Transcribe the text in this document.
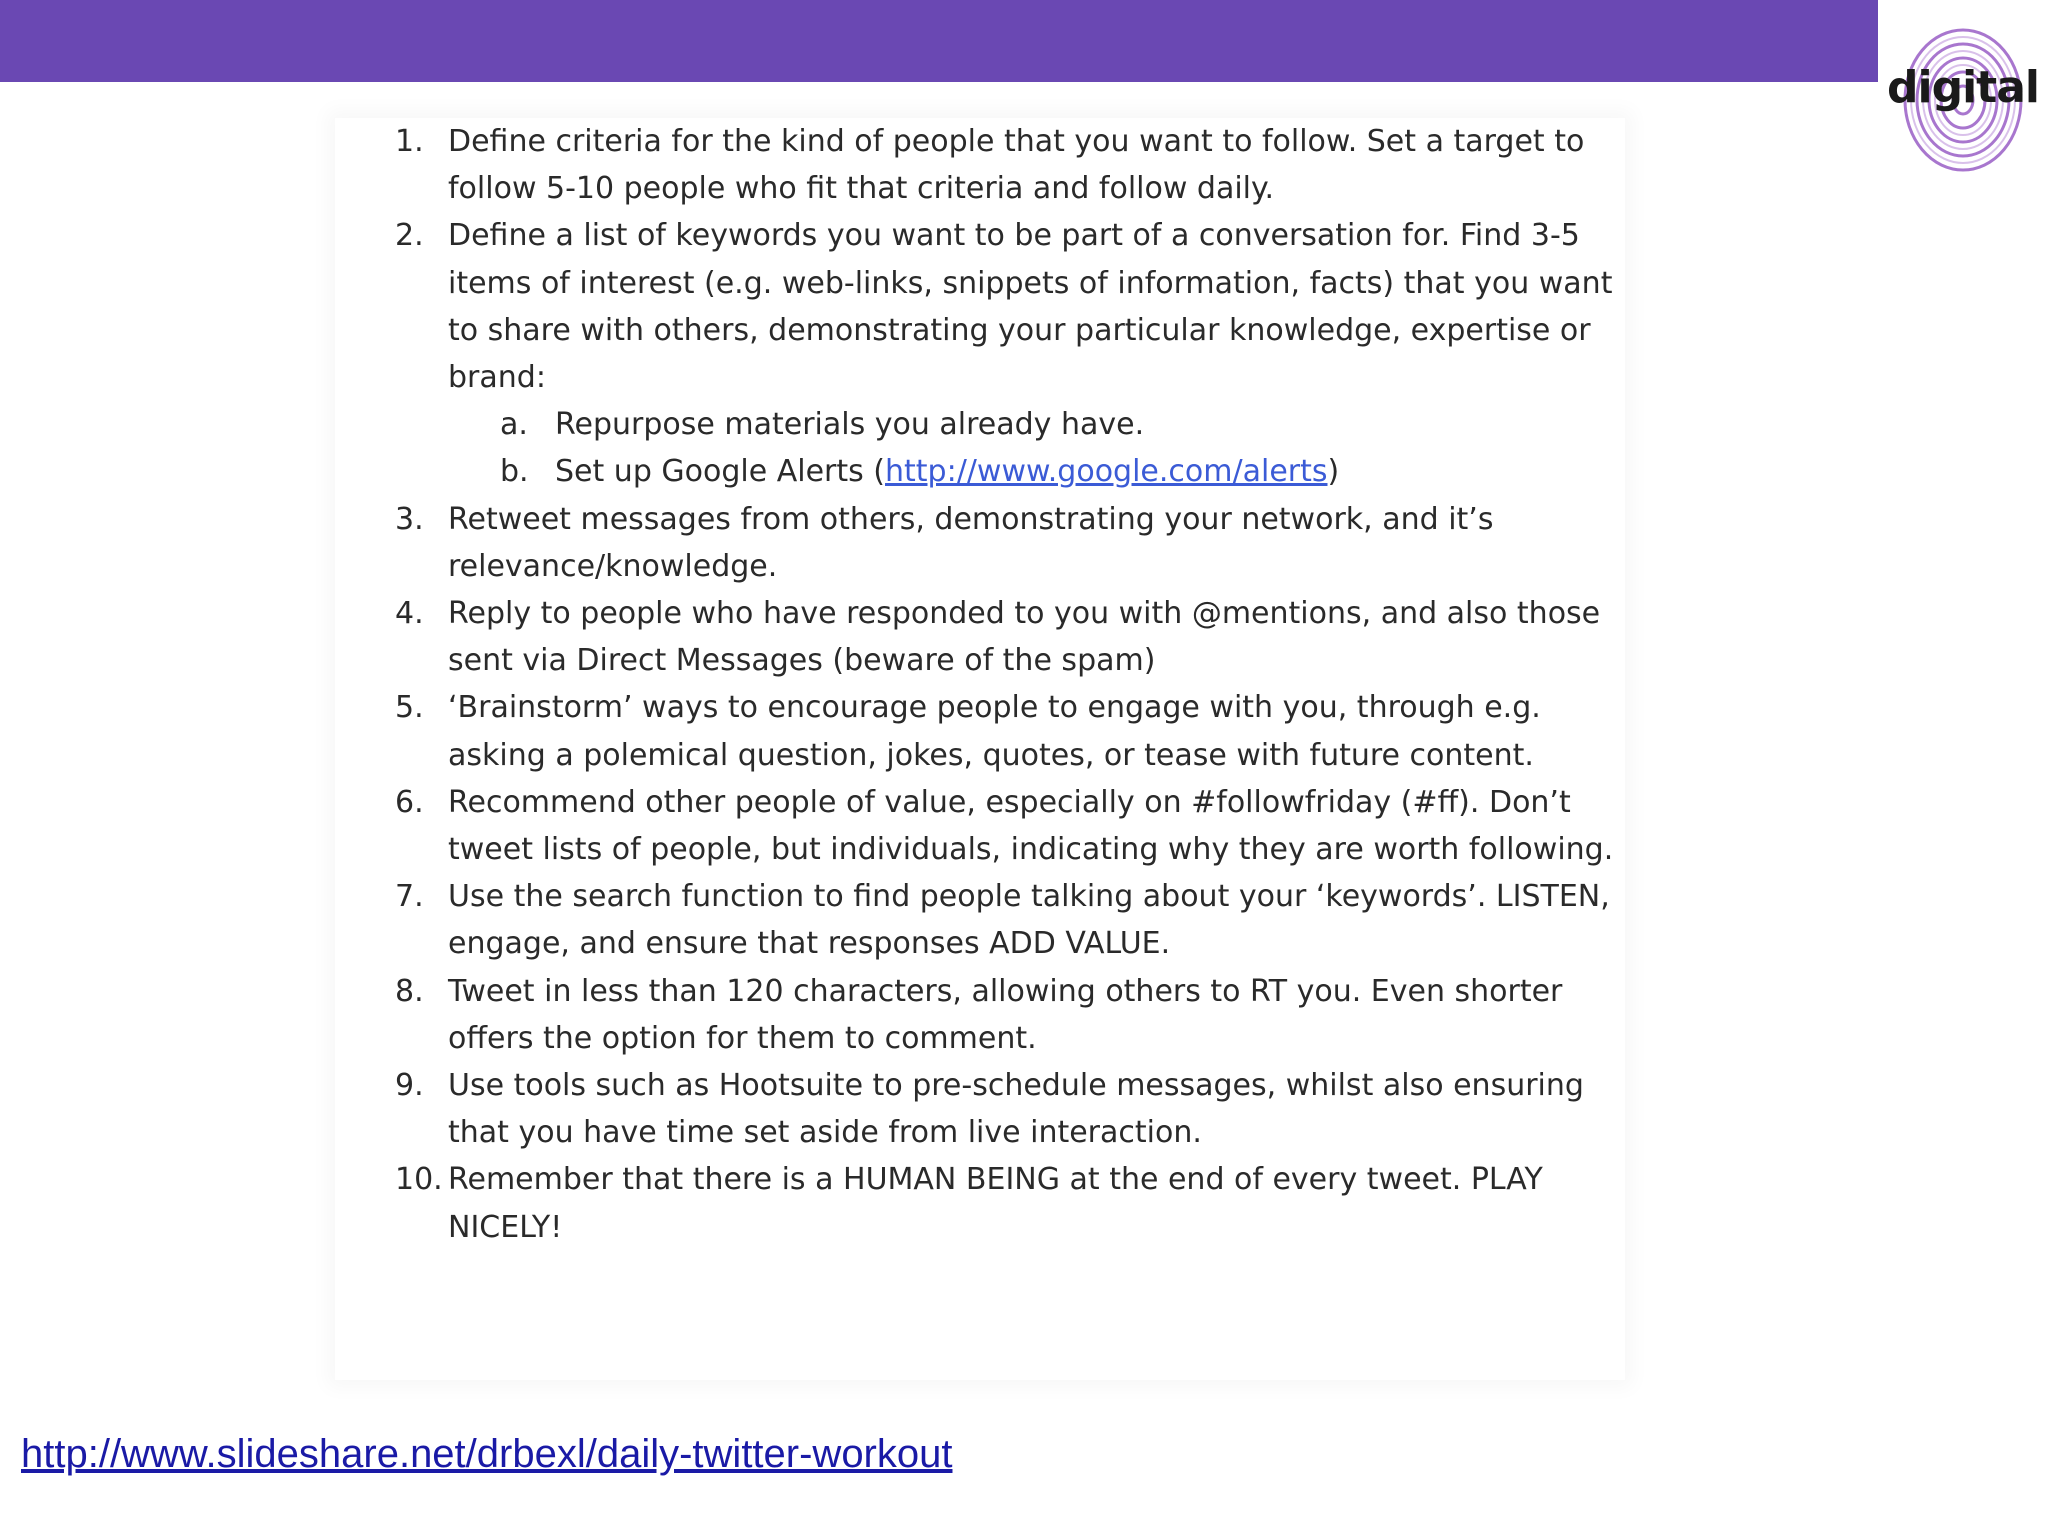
digital
1. Define criteria for the kind of people that you want to follow. Set a target to follow 5-10 people who fit that criteria and follow daily.
2. Define a list of keywords you want to be part of a conversation for. Find 3-5 items of interest (e.g. web-links, snippets of information, facts) that you want to share with others, demonstrating your particular knowledge, expertise or brand:
a. Repurpose materials you already have.
b. Set up Google Alerts (http://www.google.com/alerts)
3. Retweet messages from others, demonstrating your network, and it’s relevance/knowledge.
4. Reply to people who have responded to you with @mentions, and also those sent via Direct Messages (beware of the spam)
5. ‘Brainstorm’ ways to encourage people to engage with you, through e.g. asking a polemical question, jokes, quotes, or tease with future content.
6. Recommend other people of value, especially on #followfriday (#ff). Don’t tweet lists of people, but individuals, indicating why they are worth following.
7. Use the search function to find people talking about your ‘keywords’. LISTEN, engage, and ensure that responses ADD VALUE.
8. Tweet in less than 120 characters, allowing others to RT you. Even shorter offers the option for them to comment.
9. Use tools such as Hootsuite to pre-schedule messages, whilst also ensuring that you have time set aside from live interaction.
10. Remember that there is a HUMAN BEING at the end of every tweet. PLAY NICELY!
http://www.slideshare.net/drbexl/daily-twitter-workout
